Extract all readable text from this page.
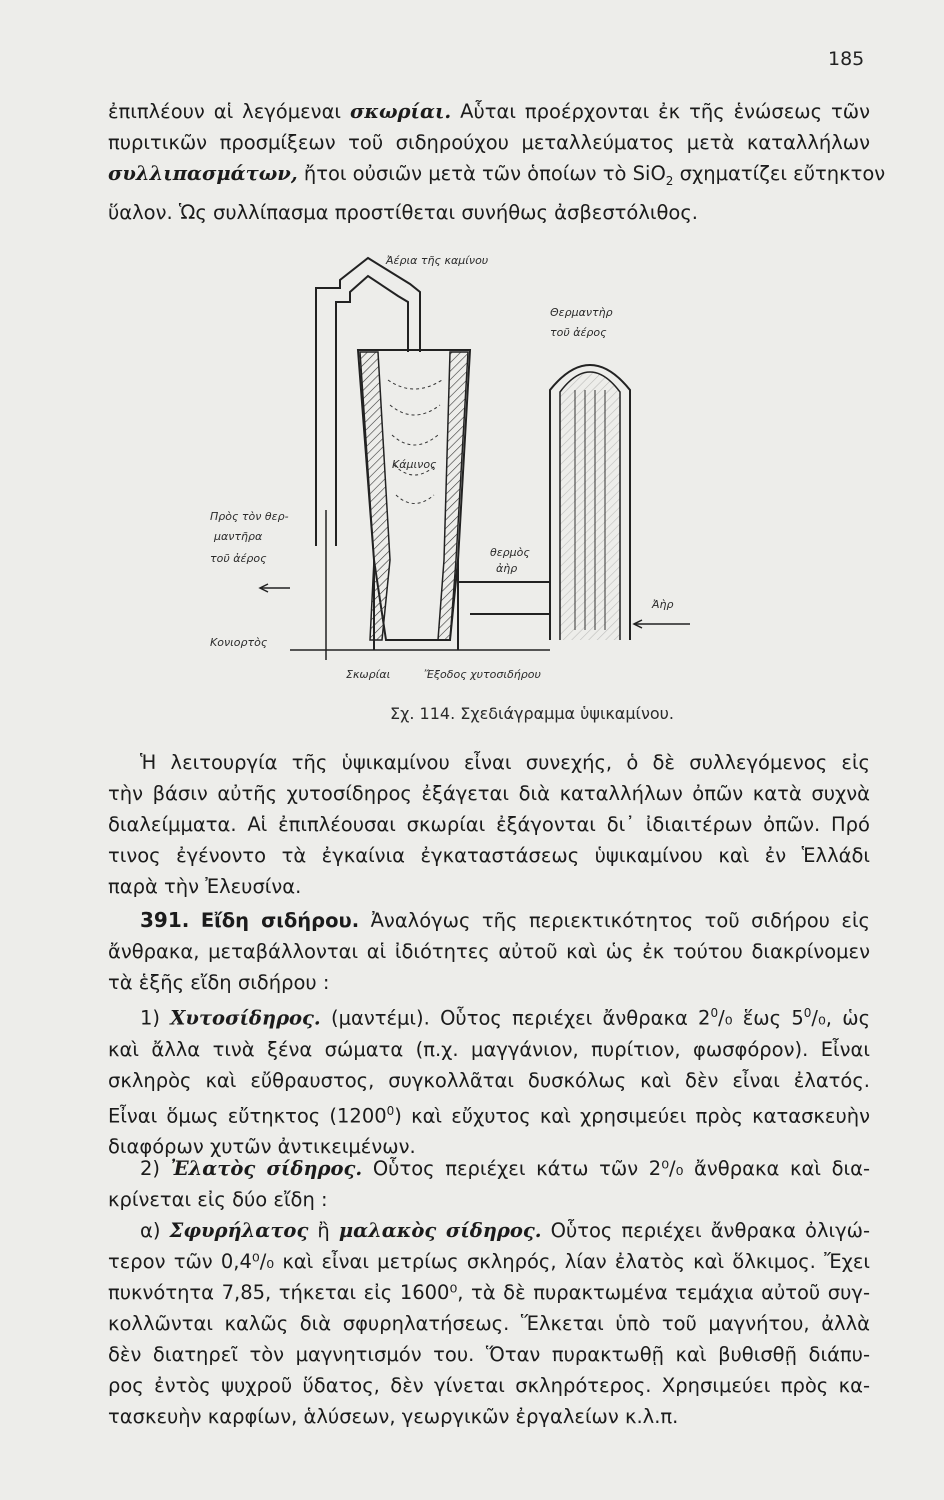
185

ἐπιπλέουν αἱ λεγόμεναι σκωρίαι. Αὗται προέρχονται ἐκ τῆς ἑνώσεως τῶν
πυριτικῶν προσμίξεων τοῦ σιδηρούχου μεταλλεύματος μετὰ καταλλήλων
συλλιπασμάτων, ἤτοι οὐσιῶν μετὰ τῶν ὁποίων τὸ SiO$_2$ σχηματίζει εὔτηκτον
ὕαλον. Ὡς συλλίπασμα προστίθεται συνήθως ἀσβεστόλιθος.

Ἀέρια τῆς καμίνου
Θερμαντὴρ
τοῦ ἀέρος
Κάμινος
Πρὸς τὸν θερ-
μαντῆρα
τοῦ ἀέρος	θερμὸς
ἀὴρ
Ἀὴρ
Κονιορτὸς
Σκωρίαι	Ἔξοδος χυτοσιδήρου

Σχ. 114. Σχεδιάγραμμα ὑψικαμίνου.

Ἡ λειτουργία τῆς ὑψικαμίνου εἶναι συνεχής, ὁ δὲ συλλεγόμενος εἰς
τὴν βάσιν αὐτῆς χυτοσίδηρος ἐξάγεται διὰ καταλλήλων ὀπῶν κατὰ συχνὰ
διαλείμματα. Αἱ ἐπιπλέουσαι σκωρίαι ἐξάγονται δι᾽ ἰδιαιτέρων ὀπῶν. Πρό
τινος ἐγένοντο τὰ ἐγκαίνια ἐγκαταστάσεως ὑψικαμίνου καὶ ἐν Ἑλλάδι
παρὰ τὴν Ἐλευσίνα.

391. Εἴδη σιδήρου. Ἀναλόγως τῆς περιεκτικότητος τοῦ σιδήρου εἰς
ἄνθρακα, μεταβάλλονται αἱ ἰδιότητες αὐτοῦ καὶ ὡς ἐκ τούτου διακρίνομεν
τὰ ἑξῆς εἴδη σιδήρου :

1) Χυτοσίδηρος. (μαντέμι). Οὗτος περιέχει ἄνθρακα $2^0/_0$ ἕως $5^0/_0$, ὡς
καὶ ἄλλα τινὰ ξένα σώματα (π.χ. μαγγάνιον, πυρίτιον, φωσφόρον). Εἶναι
σκληρὸς καὶ εὔθραυστος, συγκολλᾶται δυσκόλως καὶ δὲν εἶναι ἐλατός.
Εἶναι ὅμως εὔτηκτος (1200$^0$) καὶ εὔχυτος καὶ χρησιμεύει πρὸς κατασκευὴν
διαφόρων χυτῶν ἀντικειμένων.

2) Ἐλατὸς σίδηρος. Οὗτος περιέχει κάτω τῶν 2⁰/₀ ἄνθρακα καὶ δια-
κρίνεται εἰς δύο εἴδη :

α) Σφυρήλατος ἢ μαλακὸς σίδηρος. Οὗτος περιέχει ἄνθρακα ὀλιγώ-
τερον τῶν 0,4⁰/₀ καὶ εἶναι μετρίως σκληρός, λίαν ἐλατὸς καὶ ὅλκιμος. Ἔχει
πυκνότητα 7,85, τήκεται εἰς 1600⁰, τὰ δὲ πυρακτωμένα τεμάχια αὐτοῦ συγ-
κολλῶνται καλῶς διὰ σφυρηλατήσεως. Ἕλκεται ὑπὸ τοῦ μαγνήτου, ἀλλὰ
δὲν διατηρεῖ τὸν μαγνητισμόν του. Ὅταν πυρακτωθῇ καὶ βυθισθῇ διάπυ-
ρος ἐντὸς ψυχροῦ ὕδατος, δὲν γίνεται σκληρότερος. Χρησιμεύει πρὸς κα-
τασκευὴν καρφίων, ἁλύσεων, γεωργικῶν ἐργαλείων κ.λ.π.
